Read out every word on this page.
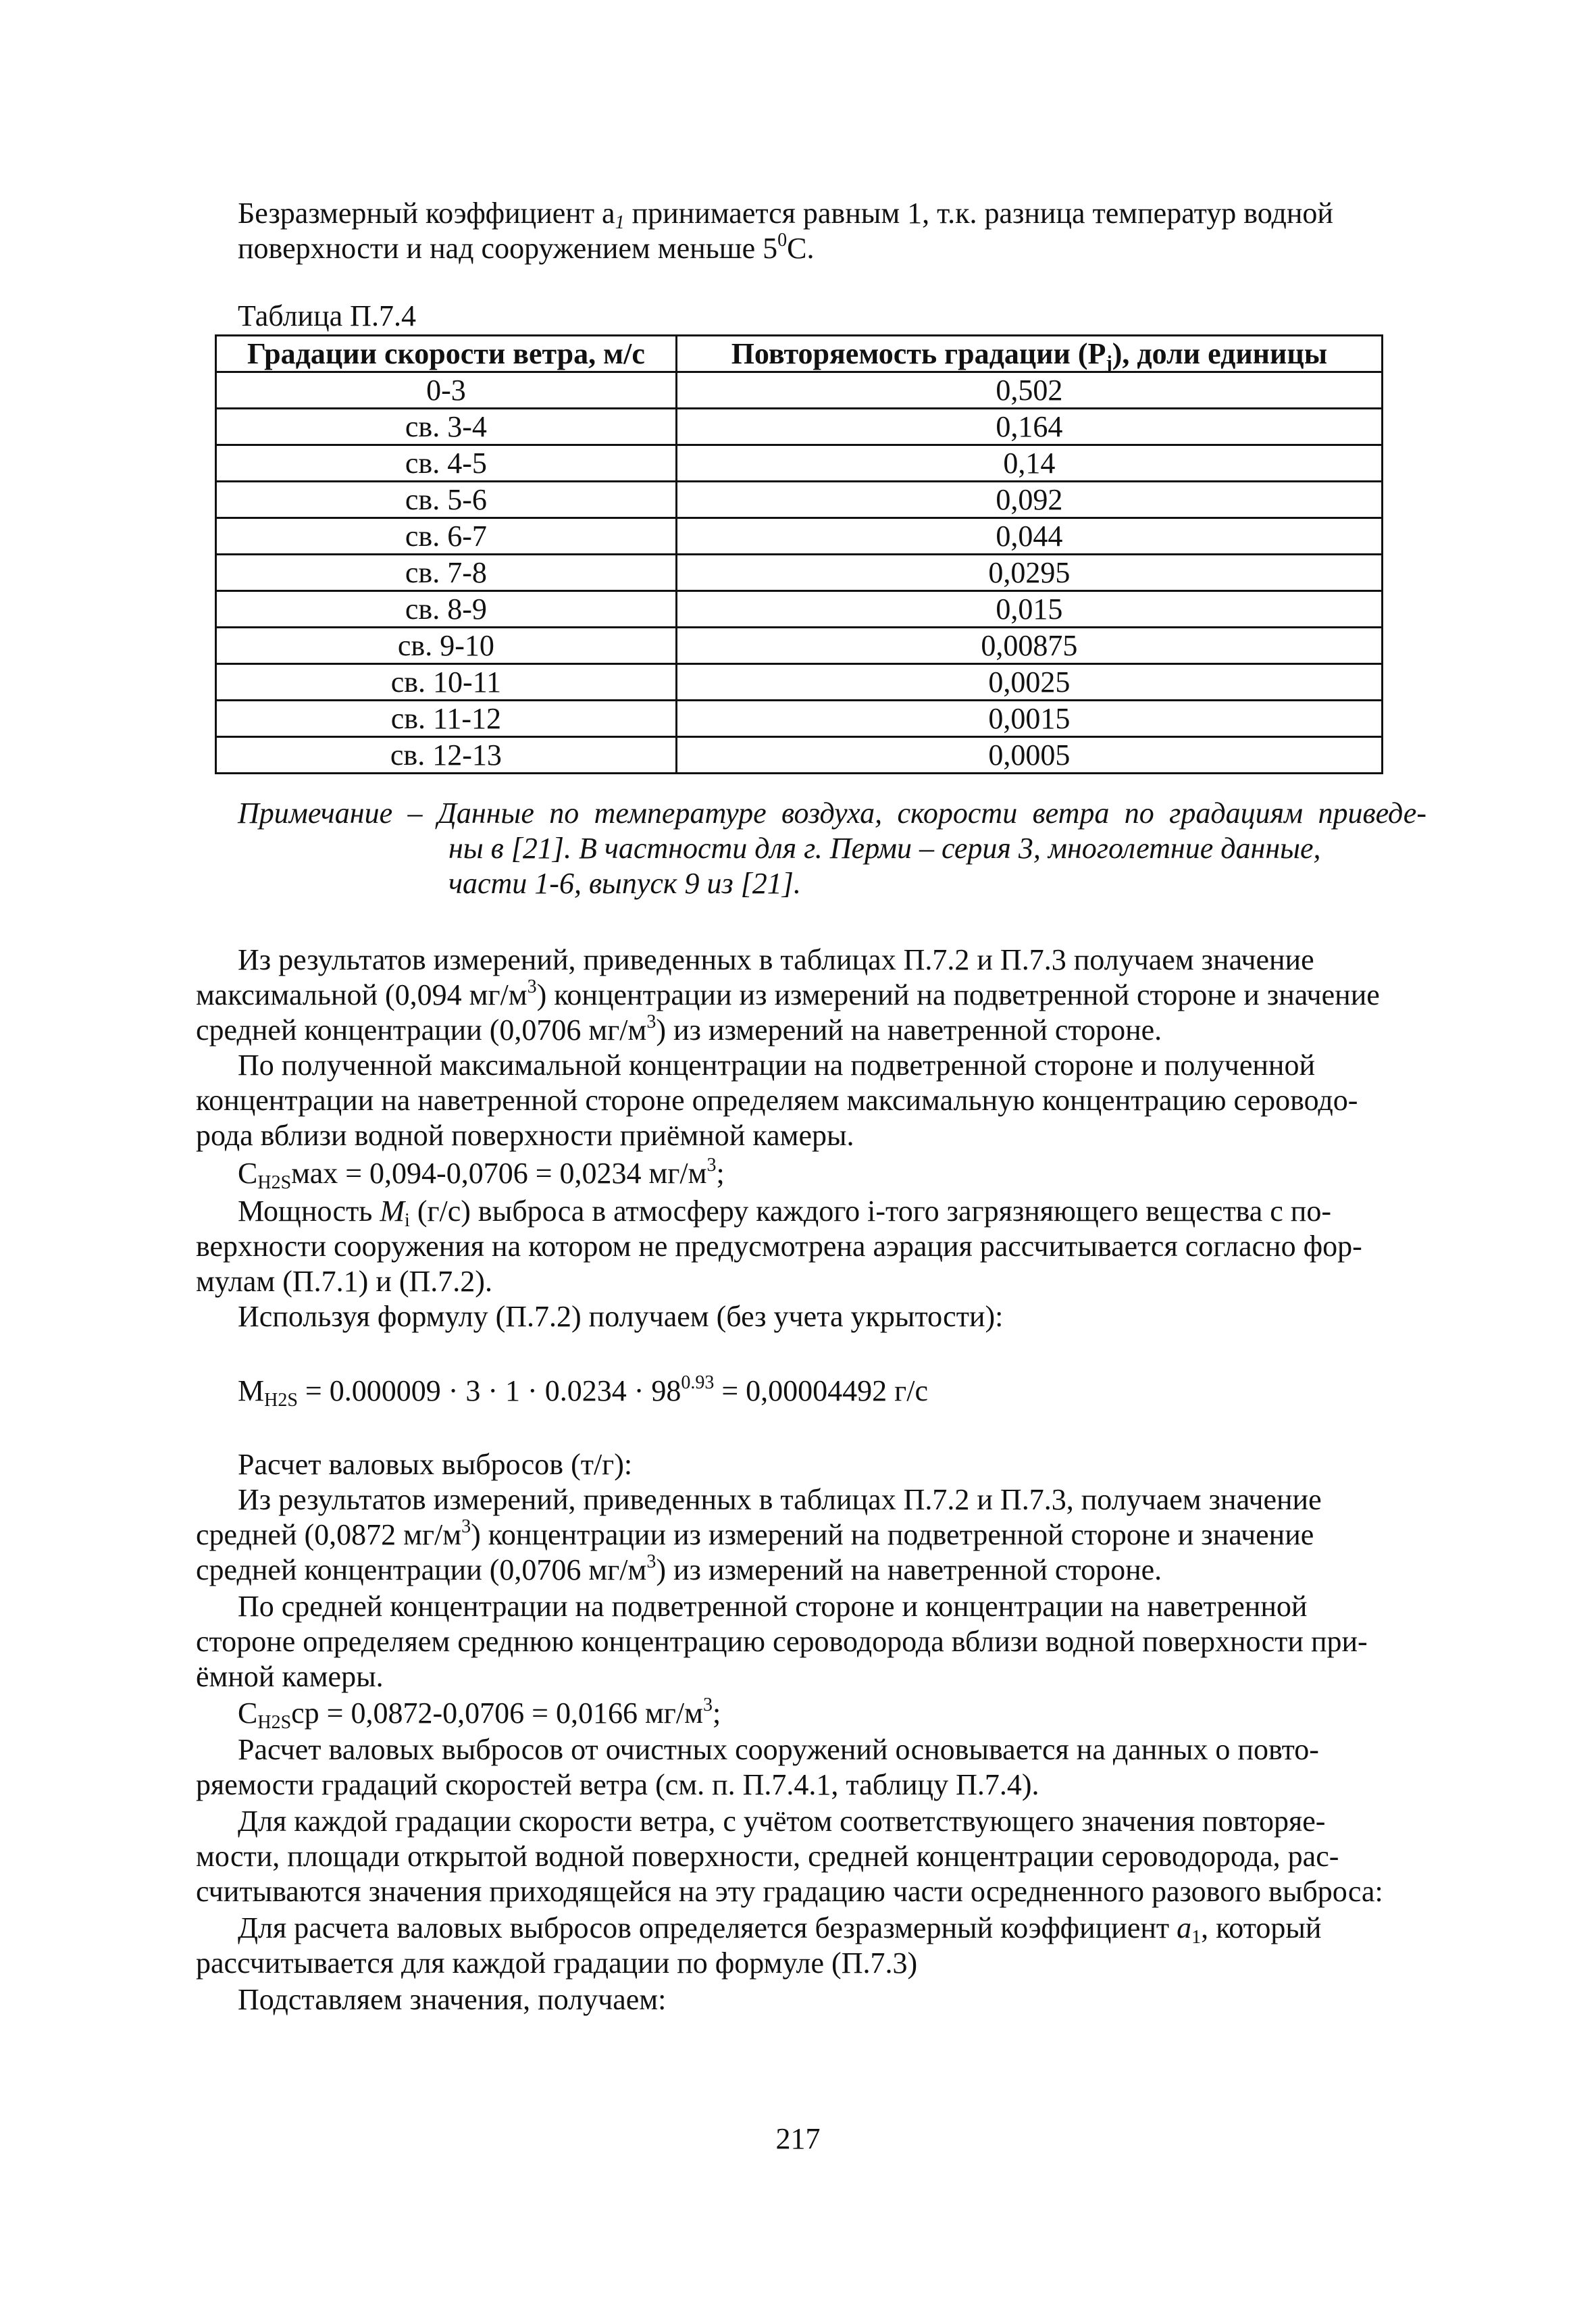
Безразмерный коэффициент $a_1$ принимается равным 1, т.к. разница температур водной
поверхности и над сооружением меньше $5^0С$.
Таблица П.7.4
Градации скорости ветра, м/с	Повторяемость градации $(P_j)$, доли единицы
0-3	0,502
св. 3-4	0,164
св. 4-5	0,14
св. 5-6	0,092
св. 6-7	0,044
св. 7-8	0,0295
св. 8-9	0,015
св. 9-10	0,00875
св. 10-11	0,0025
св. 11-12	0,0015
св. 12-13	0,0005
Примечание – Данные по температуре воздуха, скорости ветра по градациям приведе-
ны в [21]. В частности для г. Перми – серия 3, многолетние данные,
части 1-6, выпуск 9 из [21].
Из результатов измерений, приведенных в таблицах П.7.2 и П.7.3 получаем значение
максимальной (0,094 $мг/м^3$) концентрации из измерений на подветренной стороне и значение
средней концентрации (0,0706 $мг/м^3$) из измерений на наветренной стороне.
По полученной максимальной концентрации на подветренной стороне и полученной
концентрации на наветренной стороне определяем максимальную концентрацию сероводо-
рода вблизи водной поверхности приёмной камеры.
$C_{H2S}мах = 0,094-0,0706 = 0,0234$ $мг/м^3$;
Мощность $M_i$ (г/с) выброса в атмосферу каждого i-того загрязняющего вещества с по-
верхности сооружения на котором не предусмотрена аэрация рассчитывается согласно фор-
мулам (П.7.1) и (П.7.2).
Используя формулу (П.7.2) получаем (без учета укрытости):
$M_{H2S} = 0.000009 \cdot 3 \cdot 1 \cdot 0.0234 \cdot 98^{0.93} = 0,00004492$ г/с
Расчет валовых выбросов (т/г):
Из результатов измерений, приведенных в таблицах П.7.2 и П.7.3, получаем значение
средней (0,0872 $мг/м^3$) концентрации из измерений на подветренной стороне и значение
средней концентрации (0,0706 $мг/м^3$) из измерений на наветренной стороне.
По средней концентрации на подветренной стороне и концентрации на наветренной
стороне определяем среднюю концентрацию сероводорода вблизи водной поверхности при-
ёмной камеры.
$C_{H2S}ср = 0,0872-0,0706 = 0,0166$ $мг/м^3$;
Расчет валовых выбросов от очистных сооружений основывается на данных о повто-
ряемости градаций скоростей ветра (см. п. П.7.4.1, таблицу П.7.4).
Для каждой градации скорости ветра, с учётом соответствующего значения повторяе-
мости, площади открытой водной поверхности, средней концентрации сероводорода, рас-
считываются значения приходящейся на эту градацию части осредненного разового выброса:
Для расчета валовых выбросов определяется безразмерный коэффициент $a_1$, который
рассчитывается для каждой градации по формуле (П.7.3)
Подставляем значения, получаем:
217
